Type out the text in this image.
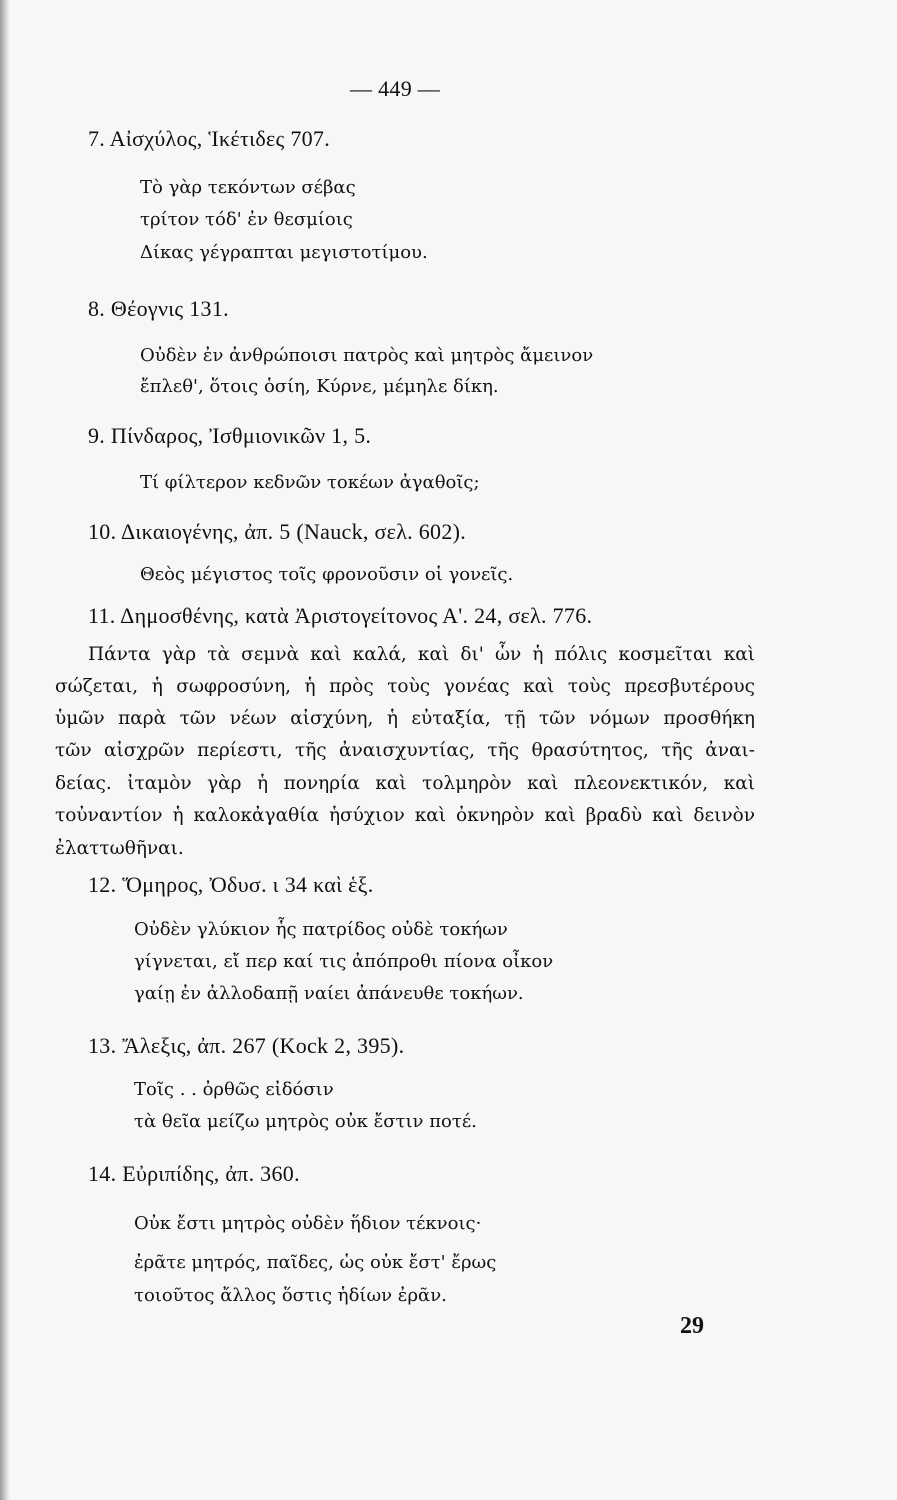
— 449 —
7. Αἰσχύλος, Ἱκέτιδες 707.
Τὸ γὰρ τεκόντων σέβας
τρίτον τόδ' ἐν θεσμίοις
Δίκας γέγραπται μεγιστοτίμου.
8. Θέογνις 131.
Οὐδὲν ἐν ἀνθρώποισι πατρὸς καὶ μητρὸς ἄμεινον
ἔπλεθ', ὅτοις ὁσίη, Κύρνε, μέμηλε δίκη.
9. Πίνδαρος, Ἰσθμιονικῶν 1, 5.
Τί φίλτερον κεδνῶν τοκέων ἀγαθοῖς;
10. Δικαιογένης, ἀπ. 5 (Nauck, σελ. 602).
Θεὸς μέγιστος τοῖς φρονοῦσιν οἱ γονεῖς.
11. Δημοσθένης, κατὰ Ἀριστογείτονος Α'. 24, σελ. 776.
Πάντα γὰρ τὰ σεμνὰ καὶ καλά, καὶ δι' ὧν ἡ πόλις κοσμεῖται καὶ
σώζεται, ἡ σωφροσύνη, ἡ πρὸς τοὺς γονέας καὶ τοὺς πρεσβυτέρους
ὑμῶν παρὰ τῶν νέων αἰσχύνη, ἡ εὐταξία, τῇ τῶν νόμων προσθήκη
τῶν αἰσχρῶν περίεστι, τῆς ἀναισχυντίας, τῆς θρασύτητος, τῆς ἀναι-
δείας. ἰταμὸν γὰρ ἡ πονηρία καὶ τολμηρὸν καὶ πλεονεκτικόν, καὶ
τοὐναντίον ἡ καλοκἀγαθία ἡσύχιον καὶ ὀκνηρὸν καὶ βραδὺ καὶ δεινὸν
ἐλαττωθῆναι.
12. Ὅμηρος, Ὀδυσ. ι 34 καὶ ἑξ.
Οὐδὲν γλύκιον ἧς πατρίδος οὐδὲ τοκήων
γίγνεται, εἴ περ καί τις ἀπόπροθι πίονα οἶκον
γαίῃ ἐν ἀλλοδαπῇ ναίει ἀπάνευθε τοκήων.
13. Ἄλεξις, ἀπ. 267 (Kock 2, 395).
Τοῖς . . ὀρθῶς εἰδόσιν
τὰ θεῖα μείζω μητρὸς οὐκ ἔστιν ποτέ.
14. Εὐριπίδης, ἀπ. 360.
Οὐκ ἔστι μητρὸς οὐδὲν ἥδιον τέκνοις·
ἐρᾶτε μητρός, παῖδες, ὡς οὐκ ἔστ' ἔρως
τοιοῦτος ἄλλος ὅστις ἡδίων ἐρᾶν.
29
